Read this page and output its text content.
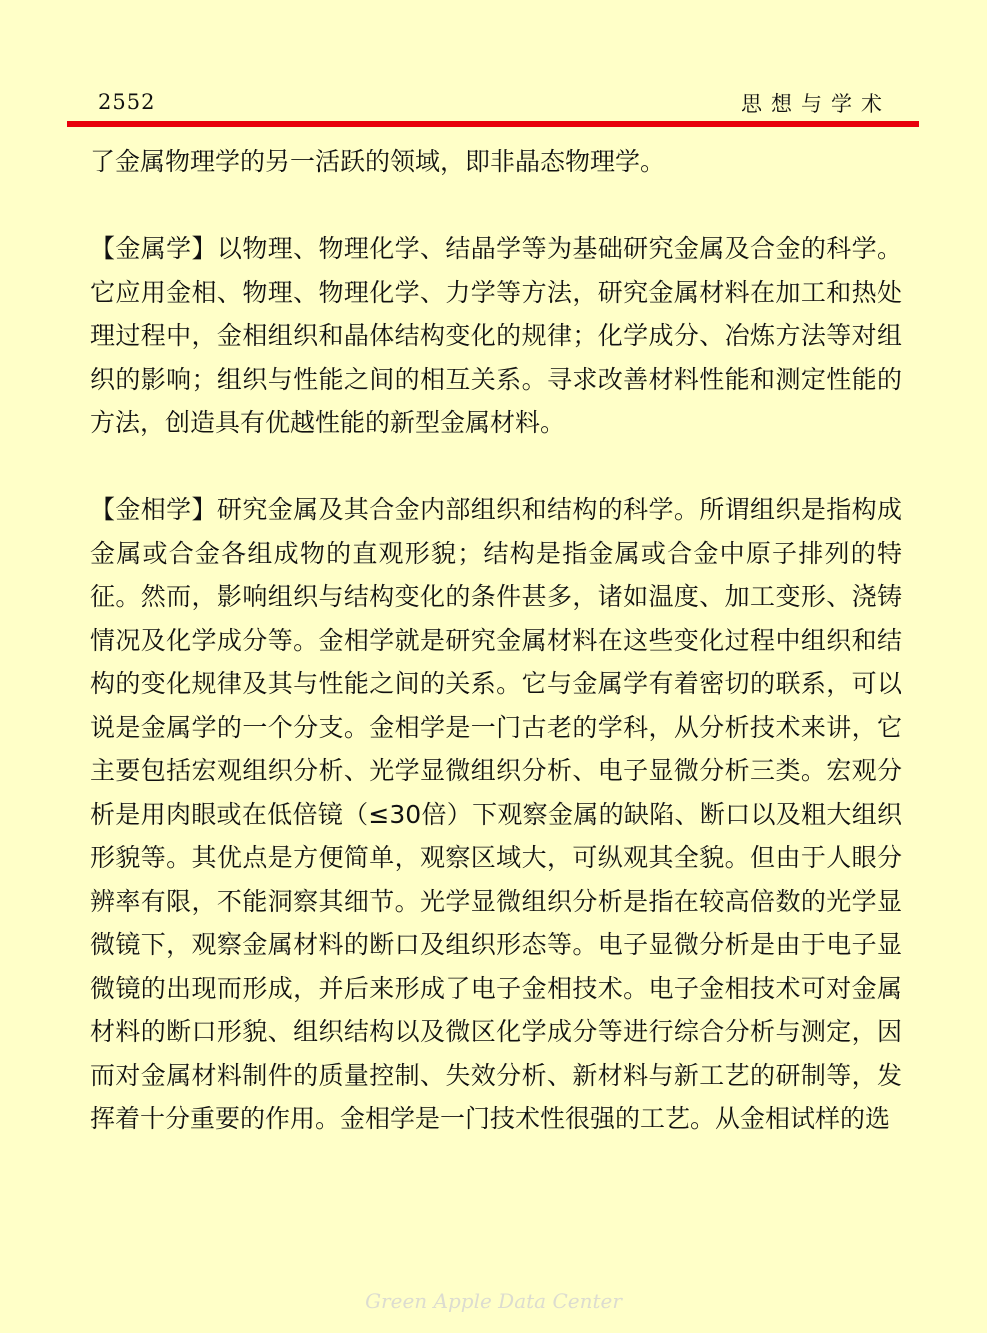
2552	思想与学术

了金属物理学的另一活跃的领域，即非晶态物理学。

【金属学】以物理、物理化学、结晶学等为基础研究金属及合金的科学。它应用金相、物理、物理化学、力学等方法，研究金属材料在加工和热处理过程中，金相组织和晶体结构变化的规律；化学成分、冶炼方法等对组织的影响；组织与性能之间的相互关系。寻求改善材料性能和测定性能的方法，创造具有优越性能的新型金属材料。

【金相学】研究金属及其合金内部组织和结构的科学。所谓组织是指构成金属或合金各组成物的直观形貌；结构是指金属或合金中原子排列的特征。然而，影响组织与结构变化的条件甚多，诸如温度、加工变形、浇铸情况及化学成分等。金相学就是研究金属材料在这些变化过程中组织和结构的变化规律及其与性能之间的关系。它与金属学有着密切的联系，可以说是金属学的一个分支。金相学是一门古老的学科，从分析技术来讲，它主要包括宏观组织分析、光学显微组织分析、电子显微分析三类。宏观分析是用肉眼或在低倍镜（≤30倍）下观察金属的缺陷、断口以及粗大组织形貌等。其优点是方便简单，观察区域大，可纵观其全貌。但由于人眼分辨率有限，不能洞察其细节。光学显微组织分析是指在较高倍数的光学显微镜下，观察金属材料的断口及组织形态等。电子显微分析是由于电子显微镜的出现而形成，并后来形成了电子金相技术。电子金相技术可对金属材料的断口形貌、组织结构以及微区化学成分等进行综合分析与测定，因而对金属材料制件的质量控制、失效分析、新材料与新工艺的研制等，发挥着十分重要的作用。金相学是一门技术性很强的工艺。从金相试样的选

Green Apple Data Center
